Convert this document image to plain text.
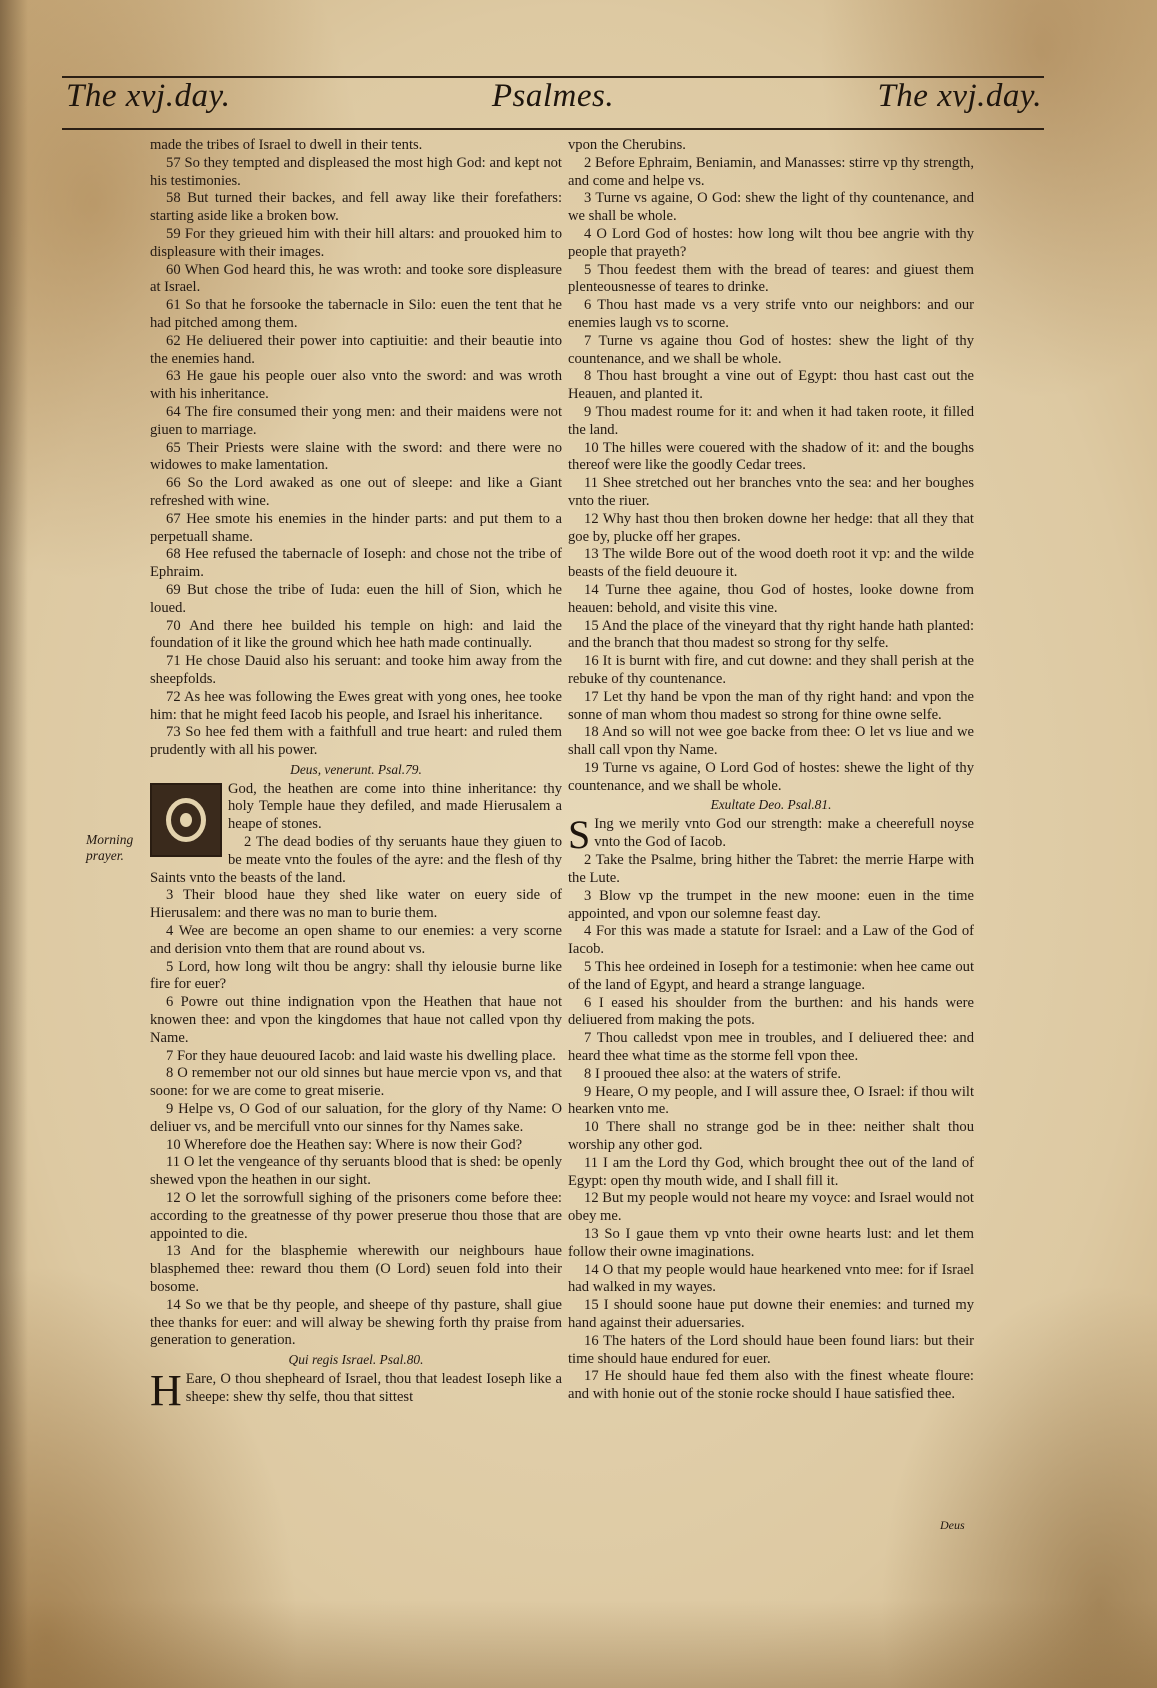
The xvj.day.	Psalmes.	The xvj.day.
Morning
prayer.

made the tribes of Israel to dwell in their tents.

57 So they tempted and displeased the most high God: and kept not his testimonies.

58 But turned their backes, and fell away like their forefathers: starting aside like a broken bow.

59 For they grieued him with their hill altars: and prouoked him to displeasure with their images.

60 When God heard this, he was wroth: and tooke sore displeasure at Israel.

61 So that he forsooke the tabernacle in Silo: euen the tent that he had pitched among them.

62 He deliuered their power into captiuitie: and their beautie into the enemies hand.

63 He gaue his people ouer also vnto the sword: and was wroth with his inheritance.

64 The fire consumed their yong men: and their maidens were not giuen to marriage.

65 Their Priests were slaine with the sword: and there were no widowes to make lamentation.

66 So the Lord awaked as one out of sleepe: and like a Giant refreshed with wine.

67 Hee smote his enemies in the hinder parts: and put them to a perpetuall shame.

68 Hee refused the tabernacle of Ioseph: and chose not the tribe of Ephraim.

69 But chose the tribe of Iuda: euen the hill of Sion, which he loued.

70 And there hee builded his temple on high: and laid the foundation of it like the ground which hee hath made continually.

71 He chose Dauid also his seruant: and tooke him away from the sheepfolds.

72 As hee was following the Ewes great with yong ones, hee tooke him: that he might feed Iacob his people, and Israel his inheritance.

73 So hee fed them with a faithfull and true heart: and ruled them prudently with all his power.

Deus, venerunt. Psal.79.

God, the heathen are come into thine inheritance: thy holy Temple haue they defiled, and made Hierusalem a heape of stones.

2 The dead bodies of thy seruants haue they giuen to be meate vnto the foules of the ayre: and the flesh of thy Saints vnto the beasts of the land.

3 Their blood haue they shed like water on euery side of Hierusalem: and there was no man to burie them.

4 Wee are become an open shame to our enemies: a very scorne and derision vnto them that are round about vs.

5 Lord, how long wilt thou be angry: shall thy ielousie burne like fire for euer?

6 Powre out thine indignation vpon the Heathen that haue not knowen thee: and vpon the kingdomes that haue not called vpon thy Name.

7 For they haue deuoured Iacob: and laid waste his dwelling place.

8 O remember not our old sinnes but haue mercie vpon vs, and that soone: for we are come to great miserie.

9 Helpe vs, O God of our saluation, for the glory of thy Name: O deliuer vs, and be mercifull vnto our sinnes for thy Names sake.

10 Wherefore doe the Heathen say: Where is now their God?

11 O let the vengeance of thy seruants blood that is shed: be openly shewed vpon the heathen in our sight.

12 O let the sorrowfull sighing of the prisoners come before thee: according to the greatnesse of thy power preserue thou those that are appointed to die.

13 And for the blasphemie wherewith our neighbours haue blasphemed thee: reward thou them (O Lord) seuen fold into their bosome.

14 So we that be thy people, and sheepe of thy pasture, shall giue thee thanks for euer: and will alway be shewing forth thy praise from generation to generation.

Qui regis Israel. Psal.80.

H Eare, O thou shepheard of Israel, thou that leadest Ioseph like a sheepe: shew thy selfe, thou that sittest

vpon the Cherubins.

2 Before Ephraim, Beniamin, and Manasses: stirre vp thy strength, and come and helpe vs.

3 Turne vs againe, O God: shew the light of thy countenance, and we shall be whole.

4 O Lord God of hostes: how long wilt thou bee angrie with thy people that prayeth?

5 Thou feedest them with the bread of teares: and giuest them plenteousnesse of teares to drinke.

6 Thou hast made vs a very strife vnto our neighbors: and our enemies laugh vs to scorne.

7 Turne vs againe thou God of hostes: shew the light of thy countenance, and we shall be whole.

8 Thou hast brought a vine out of Egypt: thou hast cast out the Heauen, and planted it.

9 Thou madest roume for it: and when it had taken roote, it filled the land.

10 The hilles were couered with the shadow of it: and the boughs thereof were like the goodly Cedar trees.

11 Shee stretched out her branches vnto the sea: and her boughes vnto the riuer.

12 Why hast thou then broken downe her hedge: that all they that goe by, plucke off her grapes.

13 The wilde Bore out of the wood doeth root it vp: and the wilde beasts of the field deuoure it.

14 Turne thee againe, thou God of hostes, looke downe from heauen: behold, and visite this vine.

15 And the place of the vineyard that thy right hande hath planted: and the branch that thou madest so strong for thy selfe.

16 It is burnt with fire, and cut downe: and they shall perish at the rebuke of thy countenance.

17 Let thy hand be vpon the man of thy right hand: and vpon the sonne of man whom thou madest so strong for thine owne selfe.

18 And so will not wee goe backe from thee: O let vs liue and we shall call vpon thy Name.

19 Turne vs againe, O Lord God of hostes: shewe the light of thy countenance, and we shall be whole.

Exultate Deo. Psal.81.

S Ing we merily vnto God our strength: make a cheerefull noyse vnto the God of Iacob.

2 Take the Psalme, bring hither the Tabret: the merrie Harpe with the Lute.

3 Blow vp the trumpet in the new moone: euen in the time appointed, and vpon our solemne feast day.

4 For this was made a statute for Israel: and a Law of the God of Iacob.

5 This hee ordeined in Ioseph for a testimonie: when hee came out of the land of Egypt, and heard a strange language.

6 I eased his shoulder from the burthen: and his hands were deliuered from making the pots.

7 Thou calledst vpon mee in troubles, and I deliuered thee: and heard thee what time as the storme fell vpon thee.

8 I prooued thee also: at the waters of strife.

9 Heare, O my people, and I will assure thee, O Israel: if thou wilt hearken vnto me.

10 There shall no strange god be in thee: neither shalt thou worship any other god.

11 I am the Lord thy God, which brought thee out of the land of Egypt: open thy mouth wide, and I shall fill it.

12 But my people would not heare my voyce: and Israel would not obey me.

13 So I gaue them vp vnto their owne hearts lust: and let them follow their owne imaginations.

14 O that my people would haue hearkened vnto mee: for if Israel had walked in my wayes.

15 I should soone haue put downe their enemies: and turned my hand against their aduersaries.

16 The haters of the Lord should haue been found liars: but their time should haue endured for euer.

17 He should haue fed them also with the finest wheate floure: and with honie out of the stonie rocke should I haue satisfied thee.

Deus
